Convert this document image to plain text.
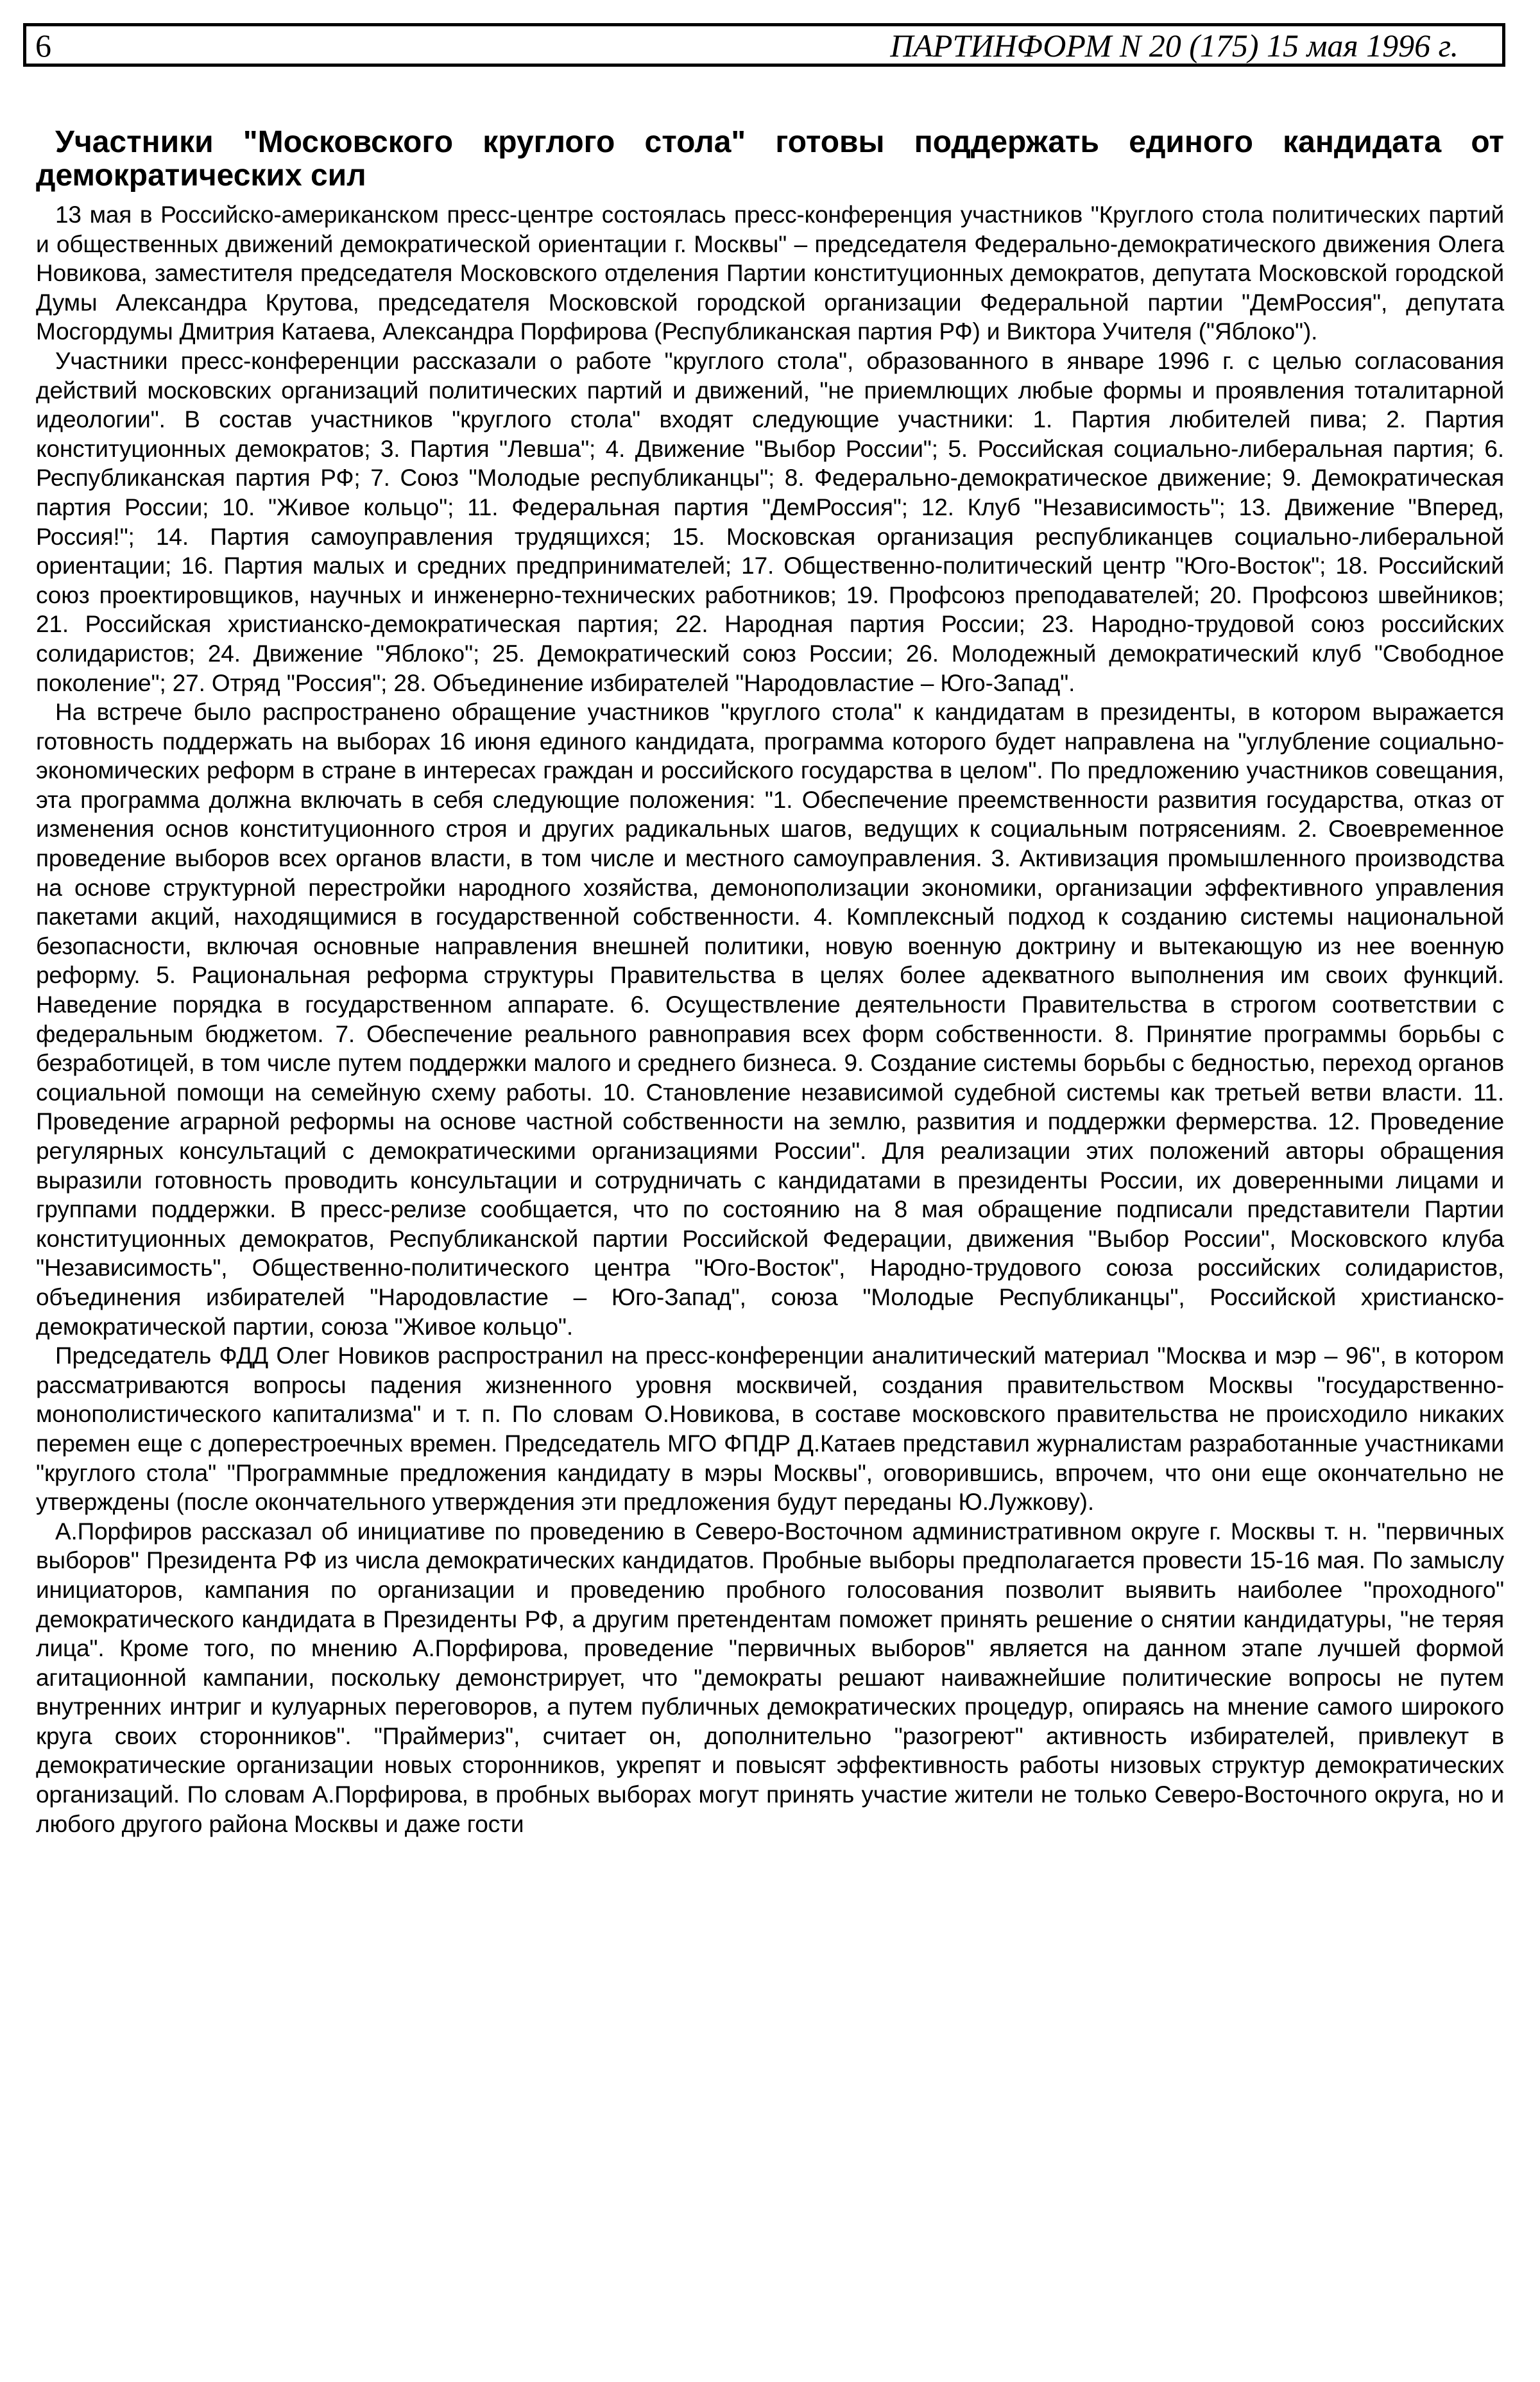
6	ПАРТИНФОРМ N 20 (175) 15 мая 1996 г.
Участники "Московского круглого стола" готовы поддержать единого кандидата от демократических сил

13 мая в Российско-американском пресс-центре состоялась пресс-конференция участников "Круглого стола политических партий и общественных движений демократической ориентации г. Москвы" – председателя Федерально-демократического движения Олега Новикова, заместителя председателя Московского отделения Партии конституционных демократов, депутата Московской городской Думы Александра Крутова, председателя Московской городской организации Федеральной партии "ДемРоссия", депутата Мосгордумы Дмитрия Катаева, Александра Порфирова (Республиканская партия РФ) и Виктора Учителя ("Яблоко").

Участники пресс-конференции рассказали о работе "круглого стола", образованного в январе 1996 г. с целью согласования действий московских организаций политических партий и движений, "не приемлющих любые формы и проявления тоталитарной идеологии". В состав участников "круглого стола" входят следующие участники: 1. Партия любителей пива; 2. Партия конституционных демократов; 3. Партия "Левша"; 4. Движение "Выбор России"; 5. Российская социально-либеральная партия; 6. Республиканская партия РФ; 7. Союз "Молодые республиканцы"; 8. Федерально-демократическое движение; 9. Демократическая партия России; 10. "Живое кольцо"; 11. Федеральная партия "ДемРоссия"; 12. Клуб "Независимость"; 13. Движение "Вперед, Россия!"; 14. Партия самоуправления трудящихся; 15. Московская организация республиканцев социально-либеральной ориентации; 16. Партия малых и средних предпринимателей; 17. Общественно-политический центр "Юго-Восток"; 18. Российский союз проектировщиков, научных и инженерно-технических работников; 19. Профсоюз преподавателей; 20. Профсоюз швейников; 21. Российская христианско-демократическая партия; 22. Народная партия России; 23. Народно-трудовой союз российских солидаристов; 24. Движение "Яблоко"; 25. Демократический союз России; 26. Молодежный демократический клуб "Свободное поколение"; 27. Отряд "Россия"; 28. Объединение избирателей "Народовластие – Юго-Запад".

На встрече было распространено обращение участников "круглого стола" к кандидатам в президенты, в котором выражается готовность поддержать на выборах 16 июня единого кандидата, программа которого будет направлена на "углубление социально-экономических реформ в стране в интересах граждан и российского государства в целом". По предложению участников совещания, эта программа должна включать в себя следующие положения: "1. Обеспечение преемственности развития государства, отказ от изменения основ конституционного строя и других радикальных шагов, ведущих к социальным потрясениям. 2. Своевременное проведение выборов всех органов власти, в том числе и местного самоуправления. 3. Активизация промышленного производства на основе структурной перестройки народного хозяйства, демонополизации экономики, организации эффективного управления пакетами акций, находящимися в государственной собственности. 4. Комплексный подход к созданию системы национальной безопасности, включая основные направления внешней политики, новую военную доктрину и вытекающую из нее военную реформу. 5. Рациональная реформа структуры Правительства в целях более адекватного выполнения им своих функций. Наведение порядка в государственном аппарате. 6. Осуществление деятельности Правительства в строгом соответствии с федеральным бюджетом. 7. Обеспечение реального равноправия всех форм собственности. 8. Принятие программы борьбы с безработицей, в том числе путем поддержки малого и среднего бизнеса. 9. Создание системы борьбы с бедностью, переход органов социальной помощи на семейную схему работы. 10. Становление независимой судебной системы как третьей ветви власти. 11. Проведение аграрной реформы на основе частной собственности на землю, развития и поддержки фермерства. 12. Проведение регулярных консультаций с демократическими организациями России". Для реализации этих положений авторы обращения выразили готовность проводить консультации и сотрудничать с кандидатами в президенты России, их доверенными лицами и группами поддержки. В пресс-релизе сообщается, что по состоянию на 8 мая обращение подписали представители Партии конституционных демократов, Республиканской партии Российской Федерации, движения "Выбор России", Московского клуба "Независимость", Общественно-политического центра "Юго-Восток", Народно-трудового союза российских солидаристов, объединения избирателей "Народовластие – Юго-Запад", союза "Молодые Республиканцы", Российской христианско-демократической партии, союза "Живое кольцо".

Председатель ФДД Олег Новиков распространил на пресс-конференции аналитический материал "Москва и мэр – 96", в котором рассматриваются вопросы падения жизненного уровня москвичей, создания правительством Москвы "государственно-монополистического капитализма" и т. п. По словам О.Новикова, в составе московского правительства не происходило никаких перемен еще с доперестроечных времен. Председатель МГО ФПДР Д.Катаев представил журналистам разработанные участниками "круглого стола" "Программные предложения кандидату в мэры Москвы", оговорившись, впрочем, что они еще окончательно не утверждены (после окончательного утверждения эти предложения будут переданы Ю.Лужкову).

А.Порфиров рассказал об инициативе по проведению в Северо-Восточном административном округе г. Москвы т. н. "первичных выборов" Президента РФ из числа демократических кандидатов. Пробные выборы предполагается провести 15-16 мая. По замыслу инициаторов, кампания по организации и проведению пробного голосования позволит выявить наиболее "проходного" демократического кандидата в Президенты РФ, а другим претендентам поможет принять решение о снятии кандидатуры, "не теряя лица". Кроме того, по мнению А.Порфирова, проведение "первичных выборов" является на данном этапе лучшей формой агитационной кампании, поскольку демонстрирует, что "демократы решают наиважнейшие политические вопросы не путем внутренних интриг и кулуарных переговоров, а путем публичных демократических процедур, опираясь на мнение самого широкого круга своих сторонников". "Праймериз", считает он, дополнительно "разогреют" активность избирателей, привлекут в демократические организации новых сторонников, укрепят и повысят эффективность работы низовых структур демократических организаций. По словам А.Порфирова, в пробных выборах могут принять участие жители не только Северо-Восточного округа, но и любого другого района Москвы и даже гости
